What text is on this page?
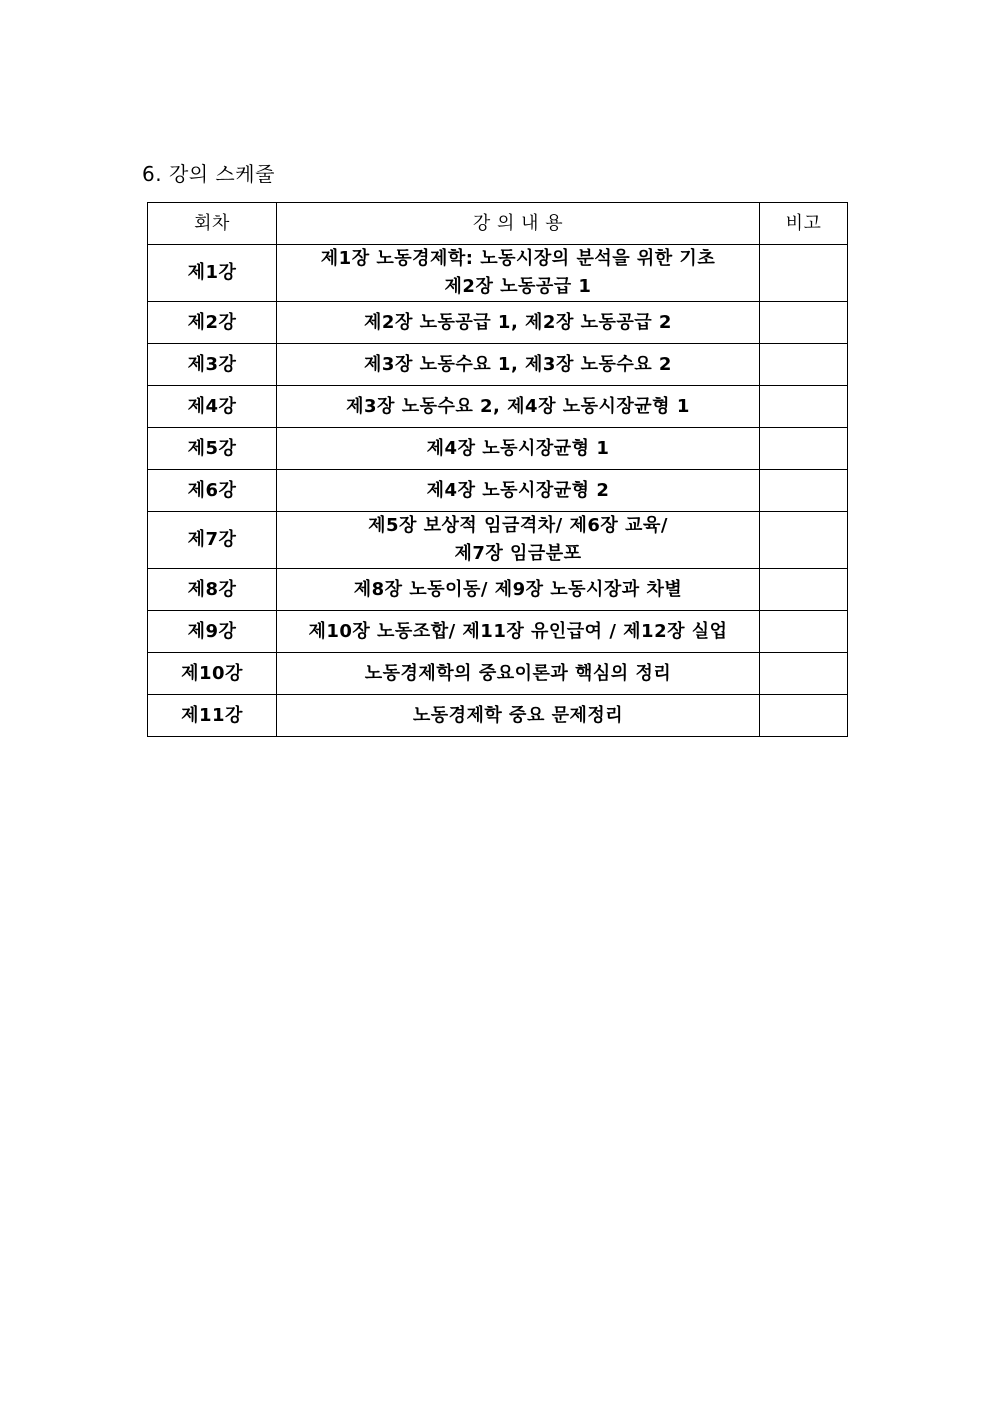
6. 강의 스케줄
회차	강 의 내 용	비고
제1강	제1장 노동경제학: 노동시장의 분석을 위한 기초
제2장 노동공급 1	
제2강	제2장 노동공급 1, 제2장 노동공급 2	
제3강	제3장 노동수요 1, 제3장 노동수요 2	
제4강	제3장 노동수요 2, 제4장 노동시장균형 1	
제5강	제4장 노동시장균형 1	
제6강	제4장 노동시장균형 2	
제7강	제5장 보상적 임금격차/ 제6장 교육/
제7장 임금분포	
제8강	제8장 노동이동/ 제9장 노동시장과 차별	
제9강	제10장 노동조합/ 제11장 유인급여 / 제12장 실업	
제10강	노동경제학의 중요이론과 핵심의 정리	
제11강	노동경제학 중요 문제정리	
